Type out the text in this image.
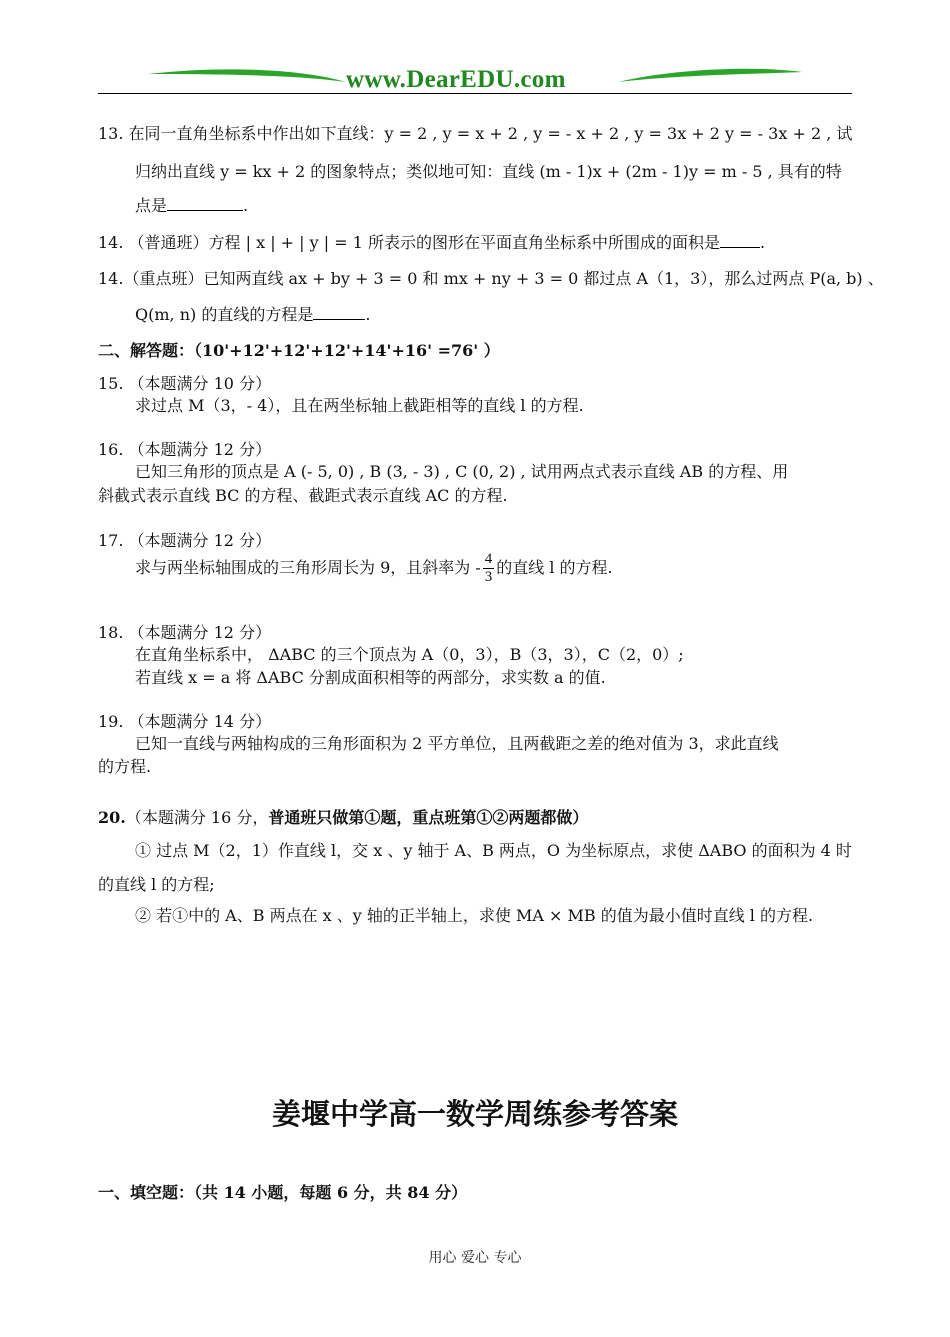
www.DearEDU.com
13. 在同一直角坐标系中作出如下直线：y = 2 , y = x + 2 , y = - x + 2 , y = 3x + 2 y = - 3x + 2 , 试
归纳出直线 y = kx + 2 的图象特点；类似地可知：直线 (m - 1)x + (2m - 1)y = m - 5 , 具有的特
点是	.
14. （普通班）方程 | x | + | y | = 1 所表示的图形在平面直角坐标系中所围成的面积是	.
14.（重点班）已知两直线 ax + by + 3 = 0 和 mx + ny + 3 = 0 都过点 A（1，3），那么过两点 P(a, b) 、
Q(m, n) 的直线的方程是	.
二、解答题：（10'+12'+12'+12'+14'+16' =76' ）
15. （本题满分 10 分）
求过点 M（3，- 4），且在两坐标轴上截距相等的直线 l 的方程.
16. （本题满分 12 分）
已知三角形的顶点是 A (- 5, 0) , B (3, - 3) , C (0, 2) , 试用两点式表示直线 AB 的方程、用
斜截式表示直线 BC 的方程、截距式表示直线 AC 的方程.
17. （本题满分 12 分）
求与两坐标轴围成的三角形周长为 9，且斜率为 - $\frac{4}{3}$ 的直线 l 的方程.
18. （本题满分 12 分）
在直角坐标系中， ΔABC 的三个顶点为 A（0，3），B（3，3），C（2，0）;
若直线 x = a 将 ΔABC 分割成面积相等的两部分，求实数 a 的值.
19. （本题满分 14 分）
已知一直线与两轴构成的三角形面积为 2 平方单位，且两截距之差的绝对值为 3，求此直线
的方程.
20.（本题满分 16 分，普通班只做第①题，重点班第①②两题都做）
① 过点 M（2，1）作直线 l，交 x 、y 轴于 A、B 两点，O 为坐标原点，求使 ΔABO 的面积为 4 时
的直线 l 的方程;
② 若①中的 A、B 两点在 x 、y 轴的正半轴上，求使 MA × MB 的值为最小值时直线 l 的方程.
姜堰中学高一数学周练参考答案
一、填空题：（共 14 小题，每题 6 分，共 84 分）
用心 爱心 专心
